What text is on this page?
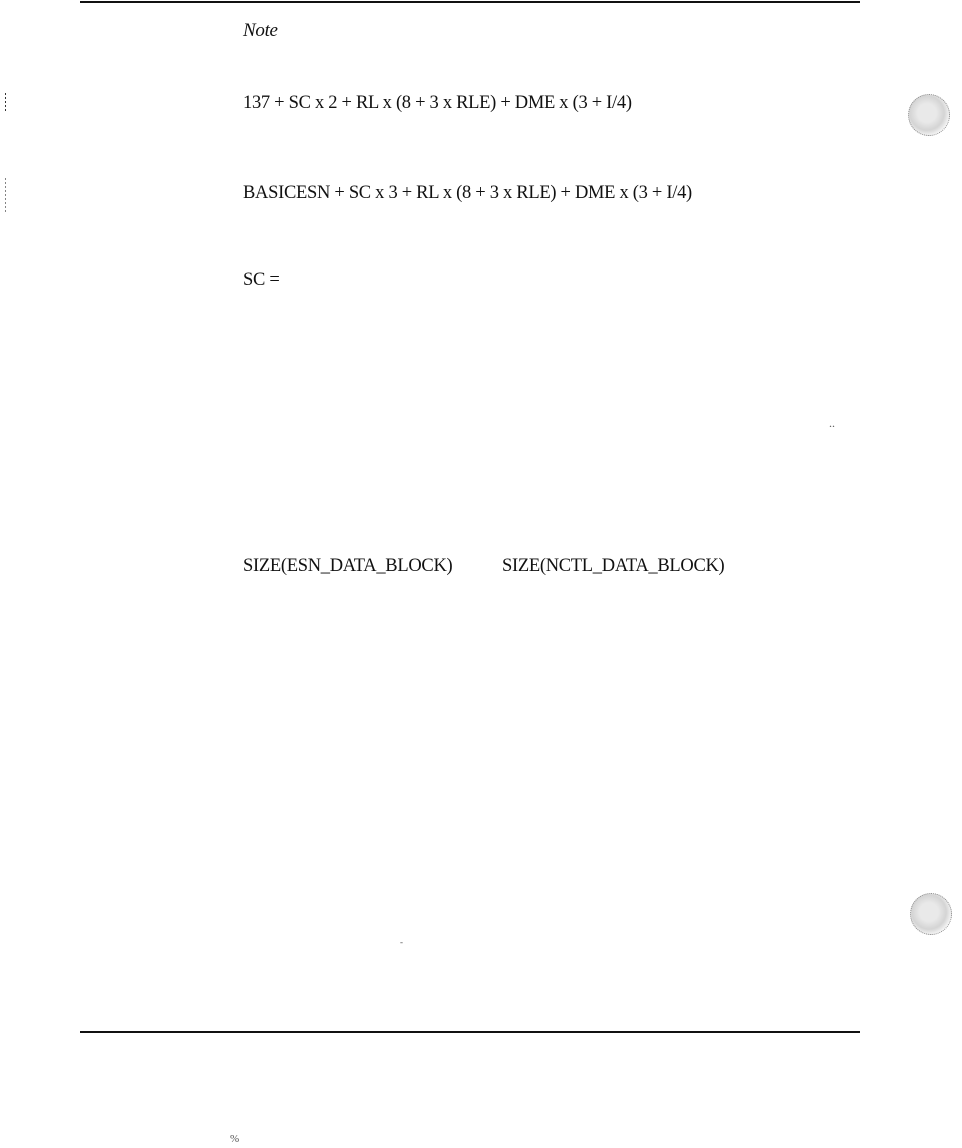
Note
137 + SC x 2 + RL x (8 + 3 x RLE) + DME x (3 + I/4)
BASICESN + SC x 3 + RL x (8 + 3 x RLE) + DME x (3 + I/4)
SC =
SIZE(ESN_DATA_BLOCK)	SIZE(NCTL_DATA_BLOCK)
..
-
%
